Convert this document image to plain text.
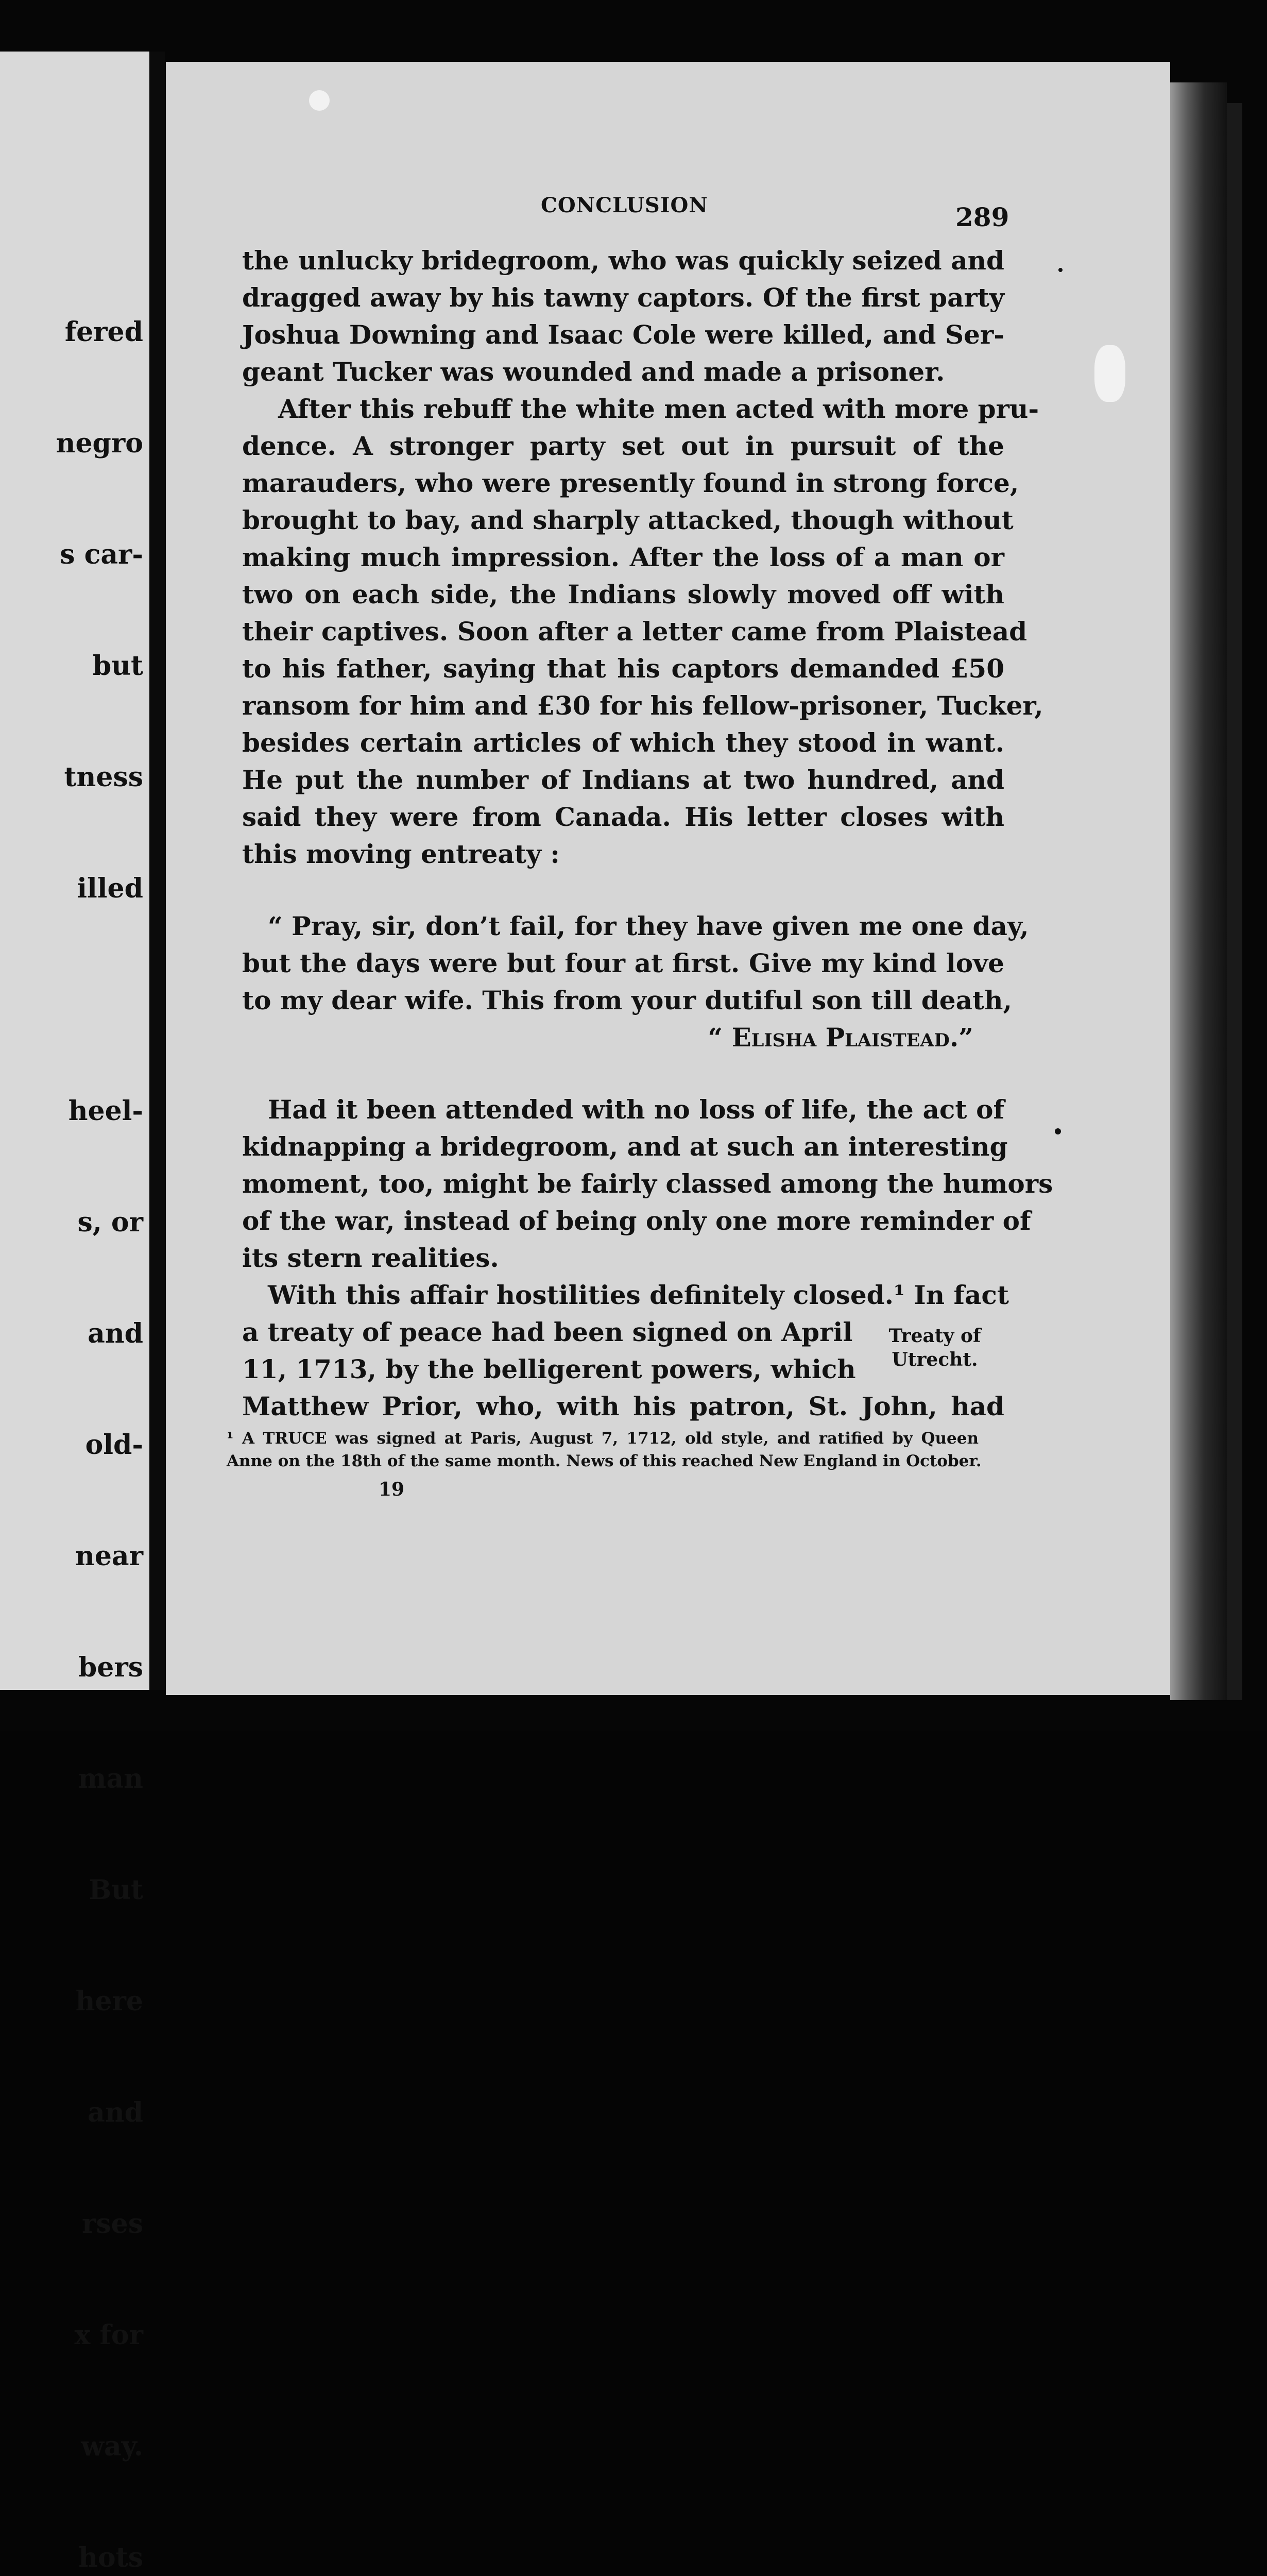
fered

negro

s car-

but

tness

illed

heel-

s, or

and

old-

near

bers

man

But

here

and

rses

x for

way.

hots

CONCLUSION	289
the unlucky bridegroom, who was quickly seized and
dragged away by his tawny captors. Of the first party
Joshua Downing and Isaac Cole were killed, and Ser-
geant Tucker was wounded and made a prisoner.
After this rebuff the white men acted with more pru-
dence. A stronger party set out in pursuit of the
marauders, who were presently found in strong force,
brought to bay, and sharply attacked, though without
making much impression. After the loss of a man or
two on each side, the Indians slowly moved off with
their captives. Soon after a letter came from Plaistead
to his father, saying that his captors demanded £50
ransom for him and £30 for his fellow-prisoner, Tucker,
besides certain articles of which they stood in want.
He put the number of Indians at two hundred, and
said they were from Canada. His letter closes with
this moving entreaty :
“ Pray, sir, don’t fail, for they have given me one day,
but the days were but four at first. Give my kind love
to my dear wife. This from your dutiful son till death,
“ Elisha Plaistead.”
Had it been attended with no loss of life, the act of
kidnapping a bridegroom, and at such an interesting
moment, too, might be fairly classed among the humors
of the war, instead of being only one more reminder of
its stern realities.
With this affair hostilities definitely closed.¹ In fact
a treaty of peace had been signed on April
11, 1713, by the belligerent powers, which
Matthew Prior, who, with his patron, St. John, had
Treaty of
Utrecht.
¹ A TRUCE was signed at Paris, August 7, 1712, old style, and ratified by Queen
Anne on the 18th of the same month. News of this reached New England in October.
19
